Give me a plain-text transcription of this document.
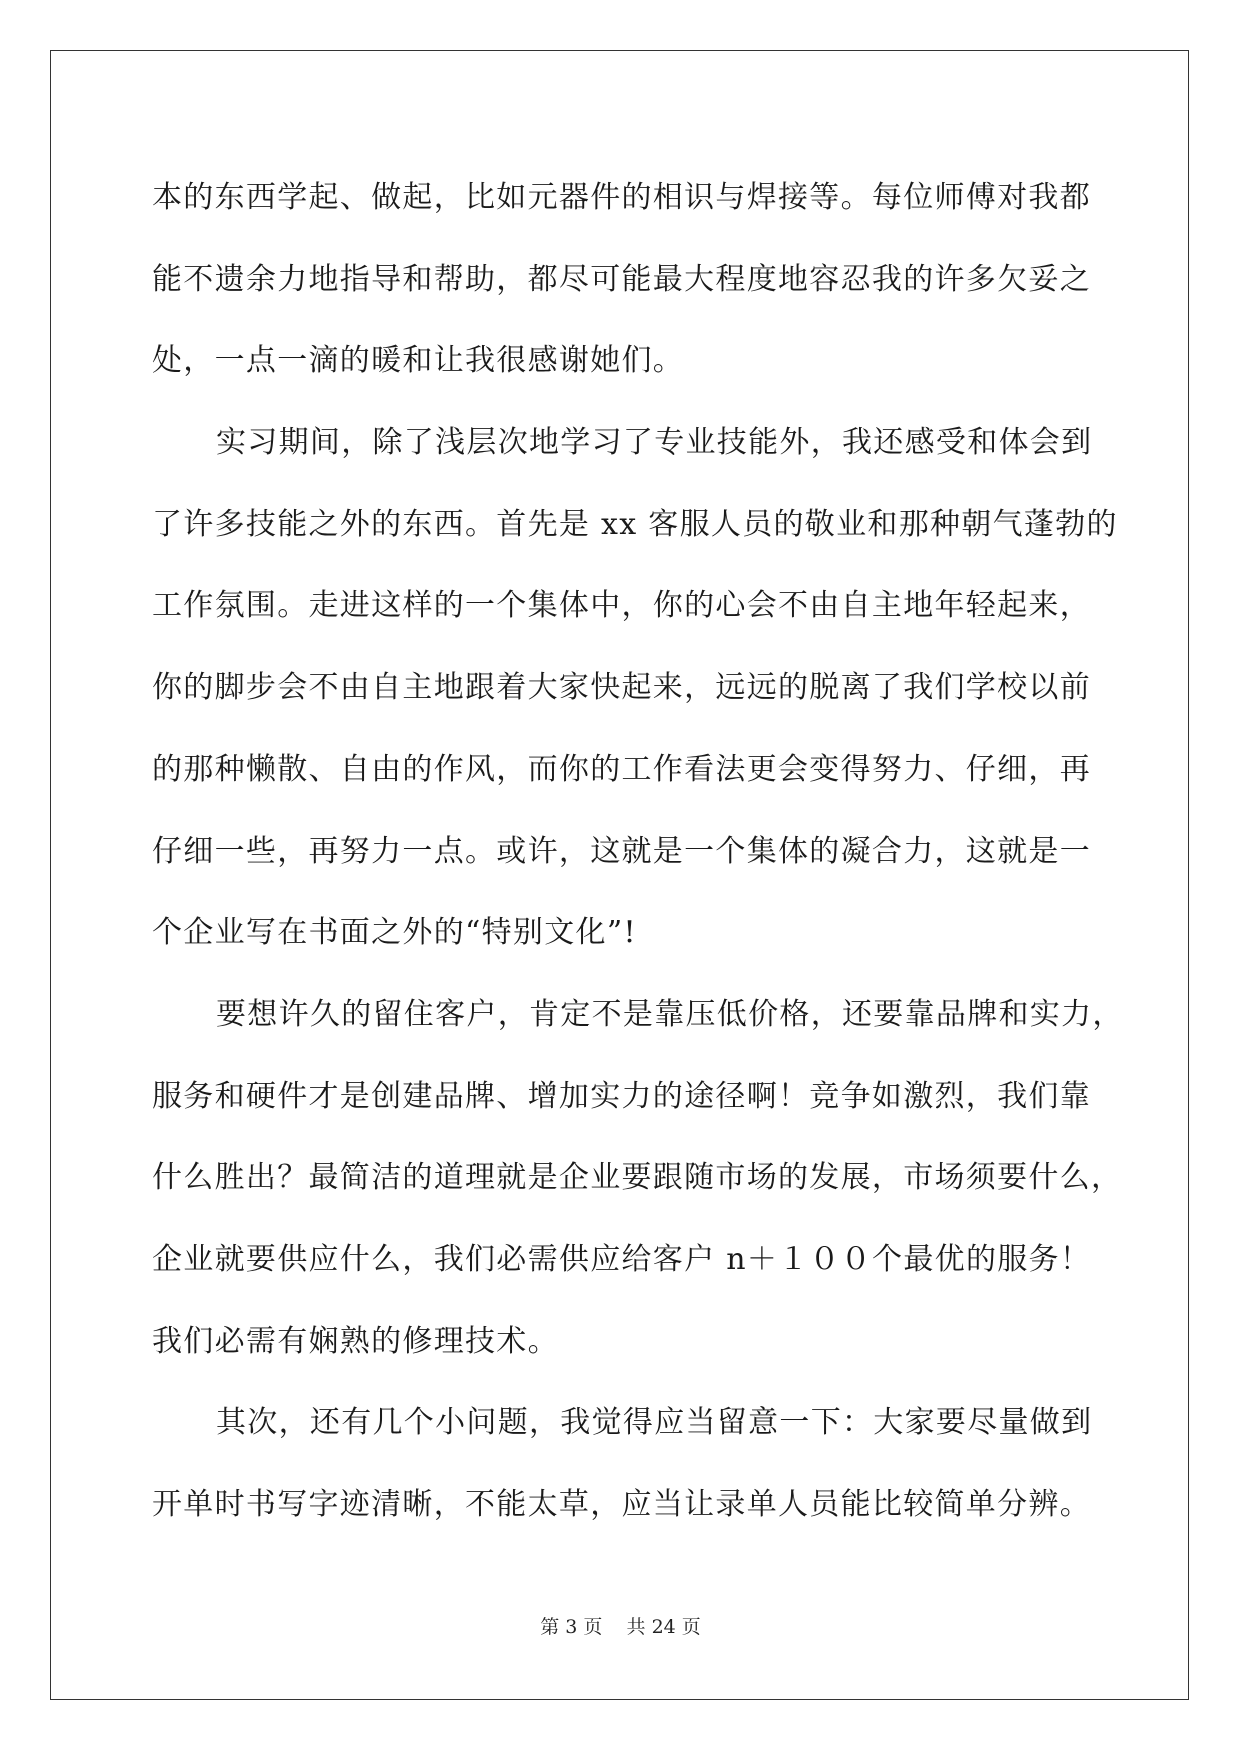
本的东西学起、做起，比如元器件的相识与焊接等。每位师傅对我都
能不遗余力地指导和帮助，都尽可能最大程度地容忍我的许多欠妥之
处，一点一滴的暖和让我很感谢她们。
实习期间，除了浅层次地学习了专业技能外，我还感受和体会到
了许多技能之外的东西。首先是 xx 客服人员的敬业和那种朝气蓬勃的
工作氛围。走进这样的一个集体中，你的心会不由自主地年轻起来，
你的脚步会不由自主地跟着大家快起来，远远的脱离了我们学校以前
的那种懒散、自由的作风，而你的工作看法更会变得努力、仔细，再
仔细一些，再努力一点。或许，这就是一个集体的凝合力，这就是一
个企业写在书面之外的“特别文化”!
要想许久的留住客户，肯定不是靠压低价格，还要靠品牌和实力，
服务和硬件才是创建品牌、增加实力的途径啊！竞争如激烈，我们靠
什么胜出？最简洁的道理就是企业要跟随市场的发展，市场须要什么，
企业就要供应什么，我们必需供应给客户 n＋１００个最优的服务！
我们必需有娴熟的修理技术。
其次，还有几个小问题，我觉得应当留意一下：大家要尽量做到
开单时书写字迹清晰，不能太草，应当让录单人员能比较简单分辨。
第 3 页 共 24 页
